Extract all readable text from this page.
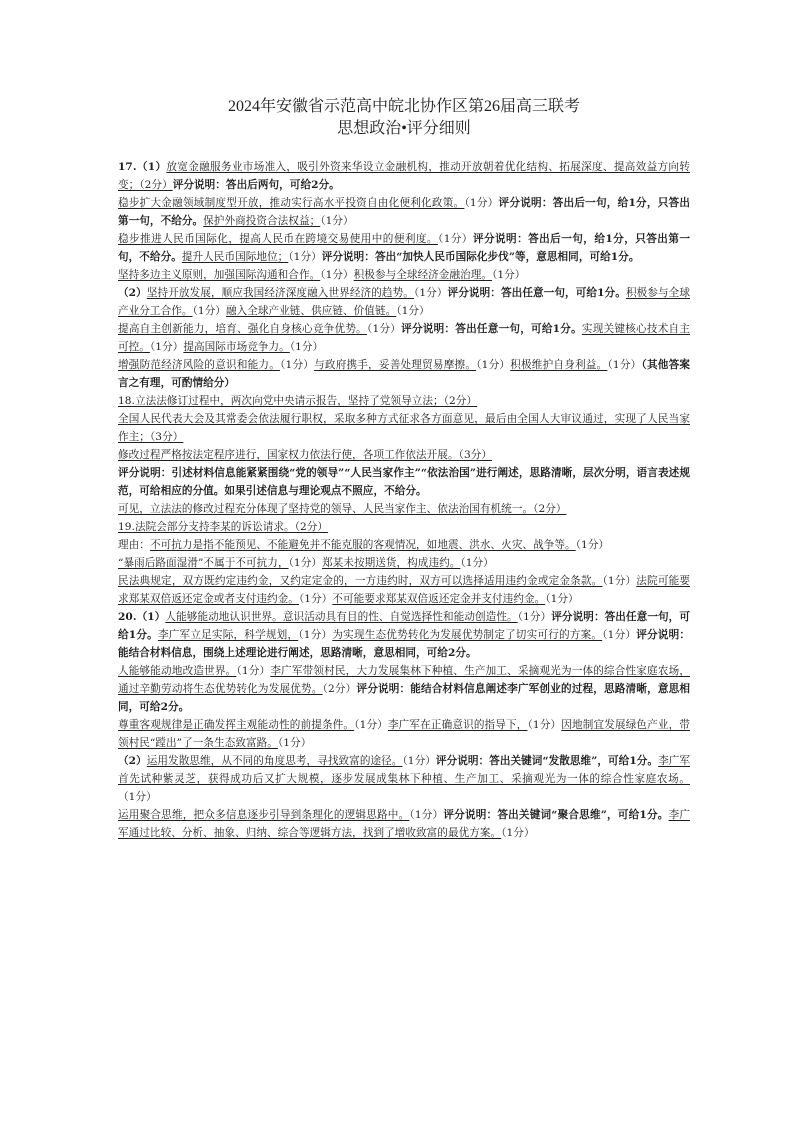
2024年安徽省示范高中皖北协作区第26届高三联考
思想政治•评分细则

17.（1）放宽金融服务业市场准入，吸引外资来华设立金融机构，推动开放朝着优化结构、拓展深度、提高效益方向转变；（2分）评分说明：答出后两句，可给2分。

稳步扩大金融领域制度型开放，推动实行高水平投资自由化便利化政策。（1分）评分说明：答出后一句，给1分，只答出第一句，不给分。保护外商投资合法权益；（1分）

稳步推进人民币国际化，提高人民币在跨境交易使用中的便利度。（1分）评分说明：答出后一句，给1分，只答出第一句，不给分。提升人民币国际地位；（1分）评分说明：答出“加快人民币国际化步伐”等，意思相同，可给1分。

坚持多边主义原则，加强国际沟通和合作。（1分）积极参与全球经济金融治理。（1分）

（2）坚持开放发展，顺应我国经济深度融入世界经济的趋势。（1分）评分说明：答出任意一句，可给1分。积极参与全球产业分工合作。（1分）融入全球产业链、供应链、价值链。（1分）

提高自主创新能力，培育、强化自身核心竞争优势。（1分）评分说明：答出任意一句，可给1分。实现关键核心技术自主可控。（1分）提高国际市场竞争力。（1分）

增强防范经济风险的意识和能力。（1分）与政府携手，妥善处理贸易摩擦。（1分）积极维护自身利益。（1分）（其他答案言之有理，可酌情给分）

18.立法法修订过程中，两次向党中央请示报告，坚持了党领导立法；（2分）

全国人民代表大会及其常委会依法履行职权，采取多种方式征求各方面意见，最后由全国人大审议通过，实现了人民当家作主；（3分）

修改过程严格按法定程序进行，国家权力依法行使，各项工作依法开展。（3分）

评分说明：引述材料信息能紧紧围绕“党的领导”“人民当家作主”“依法治国”进行阐述，思路清晰，层次分明，语言表述规范，可给相应的分值。如果引述信息与理论观点不照应，不给分。

可见，立法法的修改过程充分体现了坚持党的领导、人民当家作主、依法治国有机统一。（2分）

19.法院会部分支持李某的诉讼请求。（2分）

理由：不可抗力是指不能预见、不能避免并不能克服的客观情况，如地震、洪水、火灾、战争等。（1分）

“暴雨后路面湿滑”不属于不可抗力，（1分）郑某未按期送货，构成违约。（1分）

民法典规定，双方既约定违约金，又约定定金的，一方违约时，双方可以选择适用违约金或定金条款。（1分）法院可能要求郑某双倍返还定金或者支付违约金。（1分）不可能要求郑某双倍返还定金并支付违约金。（1分）

20.（1）人能够能动地认识世界。意识活动具有目的性、自觉选择性和能动创造性。（1分）评分说明：答出任意一句，可给1分。李广军立足实际，科学规划，（1分）为实现生态优势转化为发展优势制定了切实可行的方案。（1分）评分说明：能结合材料信息，围绕上述理论进行阐述，思路清晰，意思相同，可给2分。

人能够能动地改造世界。（1分）李广军带领村民，大力发展集林下种植、生产加工、采摘观光为一体的综合性家庭农场，通过辛勤劳动将生态优势转化为发展优势。（2分）评分说明：能结合材料信息阐述李广军创业的过程，思路清晰，意思相同，可给2分。

尊重客观规律是正确发挥主观能动性的前提条件。（1分）李广军在正确意识的指导下，（1分）因地制宜发展绿色产业，带领村民“蹚出”了一条生态致富路。（1分）

（2）运用发散思维，从不同的角度思考，寻找致富的途径。（1分）评分说明：答出关键词“发散思维”，可给1分。李广军首先试种紫灵芝，获得成功后又扩大规模，逐步发展成集林下种植、生产加工、采摘观光为一体的综合性家庭农场。（1分）

运用聚合思维，把众多信息逐步引导到条理化的逻辑思路中。（1分）评分说明：答出关键词“聚合思维”，可给1分。李广军通过比较、分析、抽象、归纳、综合等逻辑方法，找到了增收致富的最优方案。（1分）
